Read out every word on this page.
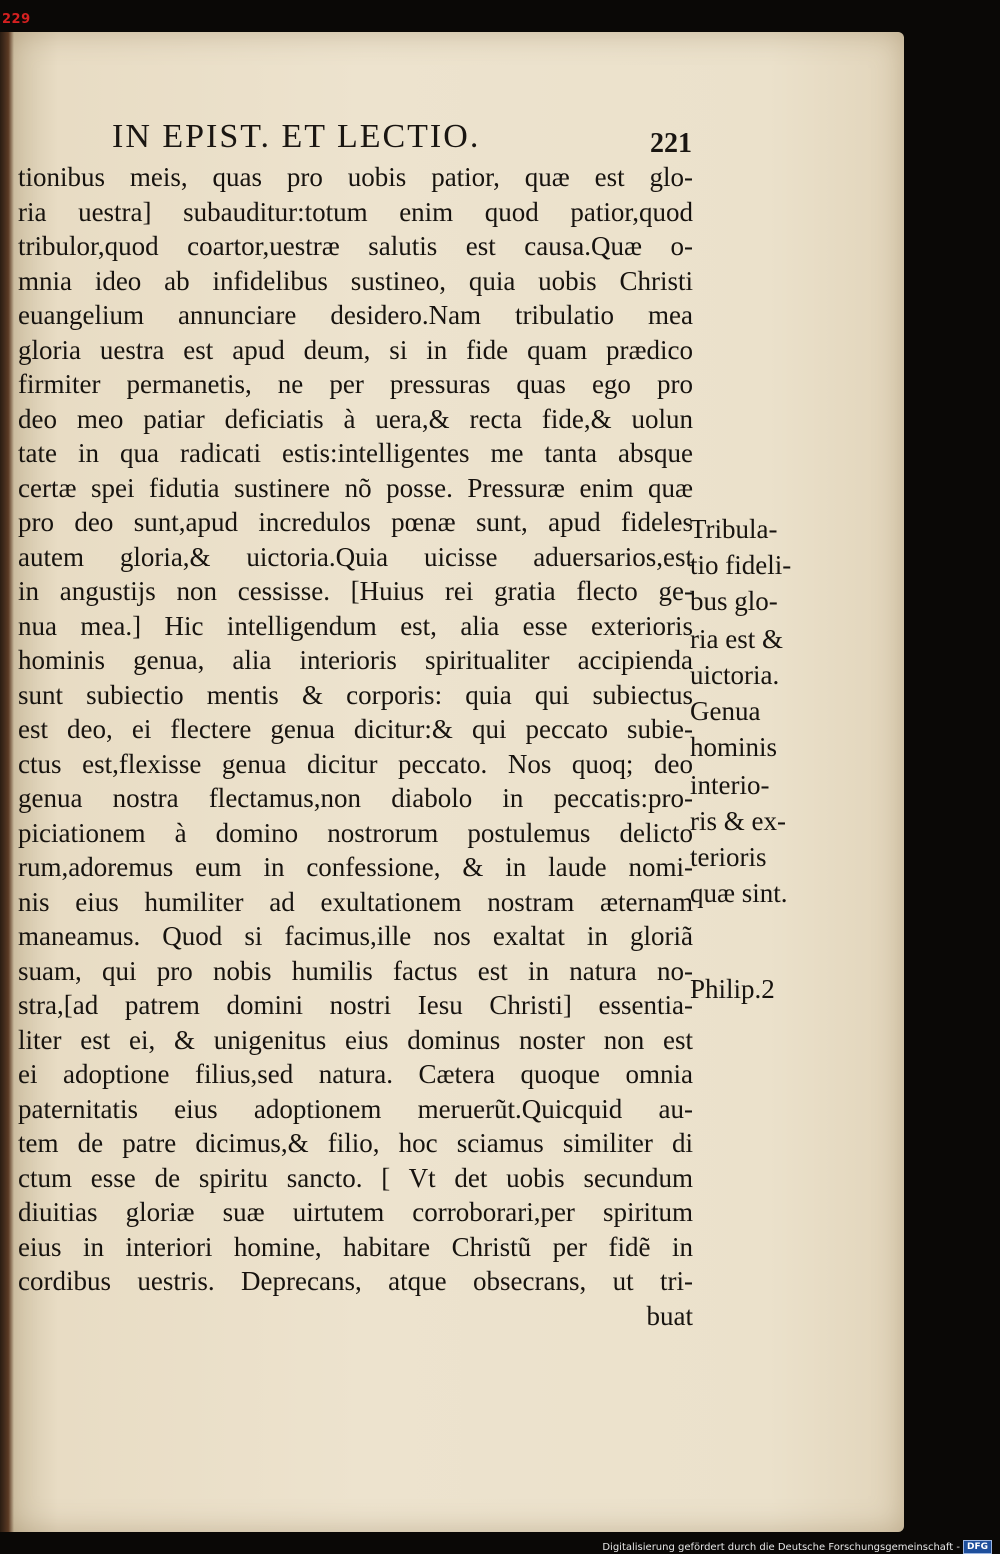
229
IN EPIST. ET LECTIO.	221
tionibus meis, quas pro uobis patior, quæ est glo-
ria uestra] subauditur:totum enim quod patior,quod
tribulor,quod coartor,uestræ salutis est causa.Quæ o-
mnia ideo ab infidelibus sustineo, quia uobis Christi
euangelium annunciare desidero.Nam tribulatio mea
gloria uestra est apud deum, si in fide quam prædico
firmiter permanetis, ne per pressuras quas ego pro
deo meo patiar deficiatis à uera,& recta fide,& uolun
tate in qua radicati estis:intelligentes me tanta absque
certæ spei fidutia sustinere nõ posse. Pressuræ enim quæ
pro deo sunt,apud incredulos pœnæ sunt, apud fideles
autem gloria,& uictoria.Quia uicisse aduersarios,est
in angustijs non cessisse. [Huius rei gratia flecto ge-
nua mea.] Hic intelligendum est, alia esse exterioris
hominis genua, alia interioris spiritualiter accipienda
sunt subiectio mentis & corporis: quia qui subiectus
est deo, ei flectere genua dicitur:& qui peccato subie-
ctus est,flexisse genua dicitur peccato. Nos quoq; deo
genua nostra flectamus,non diabolo in peccatis:pro-
piciationem à domino nostrorum postulemus delicto
rum,adoremus eum in confessione, & in laude nomi-
nis eius humiliter ad exultationem nostram æternam
maneamus. Quod si facimus,ille nos exaltat in gloriã
suam, qui pro nobis humilis factus est in natura no-
stra,[ad patrem domini nostri Iesu Christi] essentia-
liter est ei, & unigenitus eius dominus noster non est
ei adoptione filius,sed natura. Cætera quoque omnia
paternitatis eius adoptionem meruerũt.Quicquid au-
tem de patre dicimus,& filio, hoc sciamus similiter di
ctum esse de spiritu sancto. [ Vt det uobis secundum
diuitias gloriæ suæ uirtutem corroborari,per spiritum
eius in interiori homine, habitare Christũ per fidẽ in
cordibus uestris. Deprecans, atque obsecrans, ut tri-
buat
Tribula-
tio fideli-
bus glo-
ria est &
uictoria.
Genua
hominis
interio-
ris & ex-
terioris
quæ sint.
Philip.2
Digitalisierung gefördert durch die Deutsche Forschungsgemeinschaft - DFG
